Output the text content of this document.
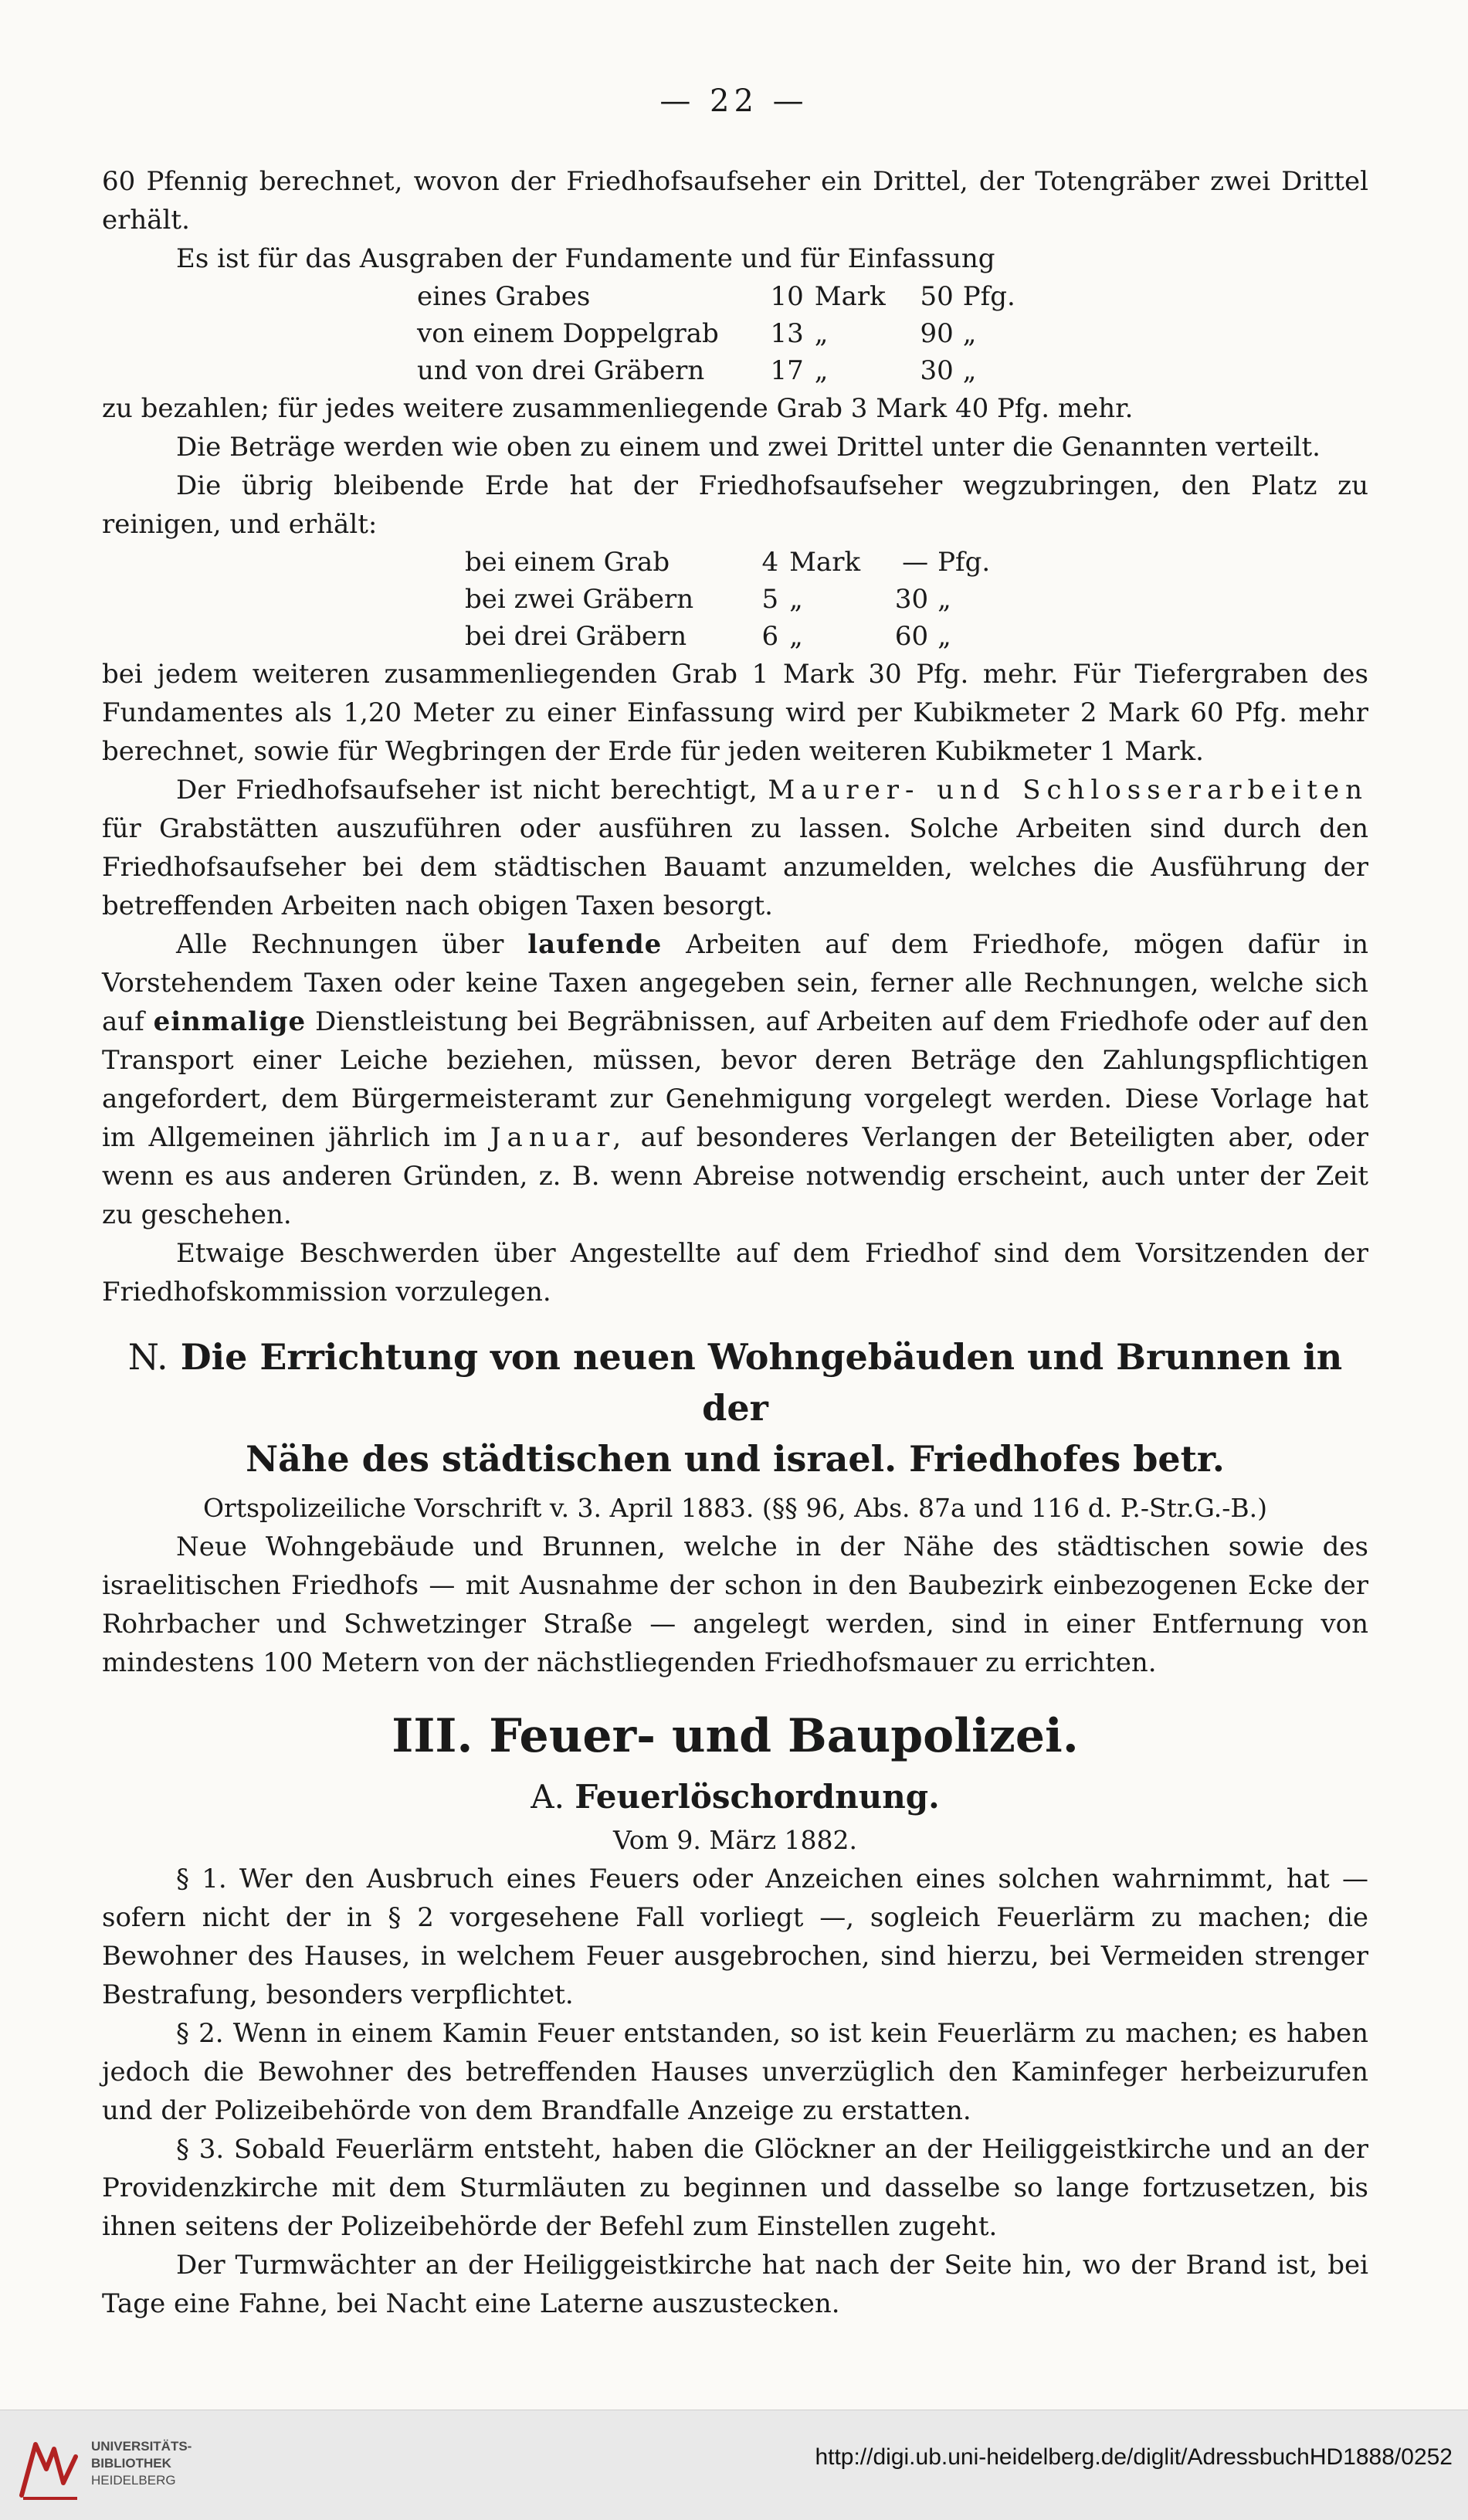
— 22 —

60 Pfennig berechnet, wovon der Friedhofsaufseher ein Drittel, der Totengräber zwei Drittel erhält.

Es ist für das Ausgraben der Fundamente und für Einfassung

eines Grabes	10	Mark	50	Pfg.
von einem Doppelgrab	13	„	90	„
und von drei Gräbern	17	„	30	„

zu bezahlen; für jedes weitere zusammenliegende Grab 3 Mark 40 Pfg. mehr.

Die Beträge werden wie oben zu einem und zwei Drittel unter die Genannten verteilt.

Die übrig bleibende Erde hat der Friedhofsaufseher wegzubringen, den Platz zu reinigen, und erhält:

bei einem Grab	4	Mark	—	Pfg.
bei zwei Gräbern	5	„	30	„
bei drei Gräbern	6	„	60	„

bei jedem weiteren zusammenliegenden Grab 1 Mark 30 Pfg. mehr. Für Tiefergraben des Fundamentes als 1,20 Meter zu einer Einfassung wird per Kubikmeter 2 Mark 60 Pfg. mehr berechnet, sowie für Wegbringen der Erde für jeden weiteren Kubikmeter 1 Mark.

Der Friedhofsaufseher ist nicht berechtigt, Maurer- und Schlosserarbeiten für Grabstätten auszuführen oder ausführen zu lassen. Solche Arbeiten sind durch den Friedhofsaufseher bei dem städtischen Bauamt anzumelden, welches die Ausführung der betreffenden Arbeiten nach obigen Taxen besorgt.

Alle Rechnungen über laufende Arbeiten auf dem Friedhofe, mögen dafür in Vorstehendem Taxen oder keine Taxen angegeben sein, ferner alle Rechnungen, welche sich auf einmalige Dienstleistung bei Begräbnissen, auf Arbeiten auf dem Friedhofe oder auf den Transport einer Leiche beziehen, müssen, bevor deren Beträge den Zahlungspflichtigen angefordert, dem Bürgermeisteramt zur Genehmigung vorgelegt werden. Diese Vorlage hat im Allgemeinen jährlich im Januar, auf besonderes Verlangen der Beteiligten aber, oder wenn es aus anderen Gründen, z. B. wenn Abreise notwendig erscheint, auch unter der Zeit zu geschehen.

Etwaige Beschwerden über Angestellte auf dem Friedhof sind dem Vorsitzenden der Friedhofskommission vorzulegen.

N. Die Errichtung von neuen Wohngebäuden und Brunnen in der
Nähe des städtischen und israel. Friedhofes betr.
Ortspolizeiliche Vorschrift v. 3. April 1883. (§§ 96, Abs. 87a und 116 d. P.-Str.G.-B.)

Neue Wohngebäude und Brunnen, welche in der Nähe des städtischen sowie des israelitischen Friedhofs — mit Ausnahme der schon in den Baubezirk einbezogenen Ecke der Rohrbacher und Schwetzinger Straße — angelegt werden, sind in einer Entfernung von mindestens 100 Metern von der nächstliegenden Friedhofsmauer zu errichten.

III. Feuer- und Baupolizei.
A. Feuerlöschordnung.
Vom 9. März 1882.

§ 1. Wer den Ausbruch eines Feuers oder Anzeichen eines solchen wahrnimmt, hat — sofern nicht der in § 2 vorgesehene Fall vorliegt —, sogleich Feuerlärm zu machen; die Bewohner des Hauses, in welchem Feuer ausgebrochen, sind hierzu, bei Vermeiden strenger Bestrafung, besonders verpflichtet.

§ 2. Wenn in einem Kamin Feuer entstanden, so ist kein Feuerlärm zu machen; es haben jedoch die Bewohner des betreffenden Hauses unverzüglich den Kaminfeger herbeizurufen und der Polizeibehörde von dem Brandfalle Anzeige zu erstatten.

§ 3. Sobald Feuerlärm entsteht, haben die Glöckner an der Heiliggeistkirche und an der Providenzkirche mit dem Sturmläuten zu beginnen und dasselbe so lange fortzusetzen, bis ihnen seitens der Polizeibehörde der Befehl zum Einstellen zugeht.

Der Turmwächter an der Heiliggeistkirche hat nach der Seite hin, wo der Brand ist, bei Tage eine Fahne, bei Nacht eine Laterne auszustecken.

UNIVERSITÄTS-
BIBLIOTHEK
HEIDELBERG
http://digi.ub.uni-heidelberg.de/diglit/AdressbuchHD1888/0252
